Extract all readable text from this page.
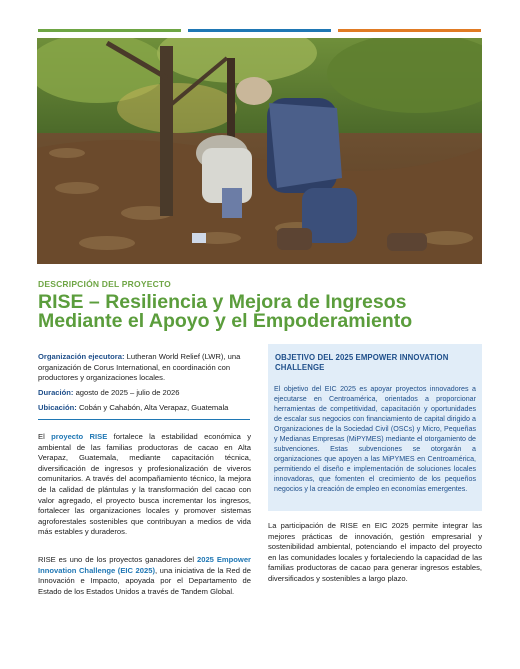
DESCRIPCIÓN DEL PROYECTO
RISE – Resiliencia y Mejora de Ingresos Mediante el Apoyo y el Empoderamiento
Organización ejecutora: Lutheran World Relief (LWR), una organización de Corus International, en coordinación con productores y organizaciones locales.
Duración: agosto de 2025 – julio de 2026
Ubicación: Cobán y Cahabón, Alta Verapaz, Guatemala
El proyecto RISE fortalece la estabilidad económica y ambiental de las familias productoras de cacao en Alta Verapaz, Guatemala, mediante capacitación técnica, diversificación de ingresos y profesionalización de viveros comunitarios. A través del acompañamiento técnico, la mejora de la calidad de plántulas y la transformación del cacao con valor agregado, el proyecto busca incrementar los ingresos, fortalecer las organizaciones locales y promover sistemas agroforestales sostenibles que contribuyan a medios de vida más estables y duraderos.
RISE es uno de los proyectos ganadores del 2025 Empower Innovation Challenge (EIC 2025), una iniciativa de la Red de Innovación e Impacto, apoyada por el Departamento de Estado de los Estados Unidos a través de Tandem Global.
OBJETIVO DEL 2025 EMPOWER INNOVATION CHALLENGE
El objetivo del EIC 2025 es apoyar proyectos innovadores a ejecutarse en Centroamérica, orientados a proporcionar herramientas de competitividad, capacitación y oportunidades de escalar sus negocios con financiamiento de capital dirigido a Organizaciones de la Sociedad Civil (OSCs) y Micro, Pequeñas y Medianas Empresas (MiPYMES) mediante el otorgamiento de subvenciones. Estas subvenciones se otorgarán a organizaciones que apoyen a las MiPYMES en Centroamérica, permitiendo el diseño e implementación de soluciones locales innovadoras, que fomenten el crecimiento de los pequeños negocios y la creación de empleo en economías emergentes.
La participación de RISE en EIC 2025 permite integrar las mejores prácticas de innovación, gestión empresarial y sostenibilidad ambiental, potenciando el impacto del proyecto en las comunidades locales y fortaleciendo la capacidad de las familias productoras de cacao para generar ingresos estables, diversificados y sostenibles a largo plazo.
